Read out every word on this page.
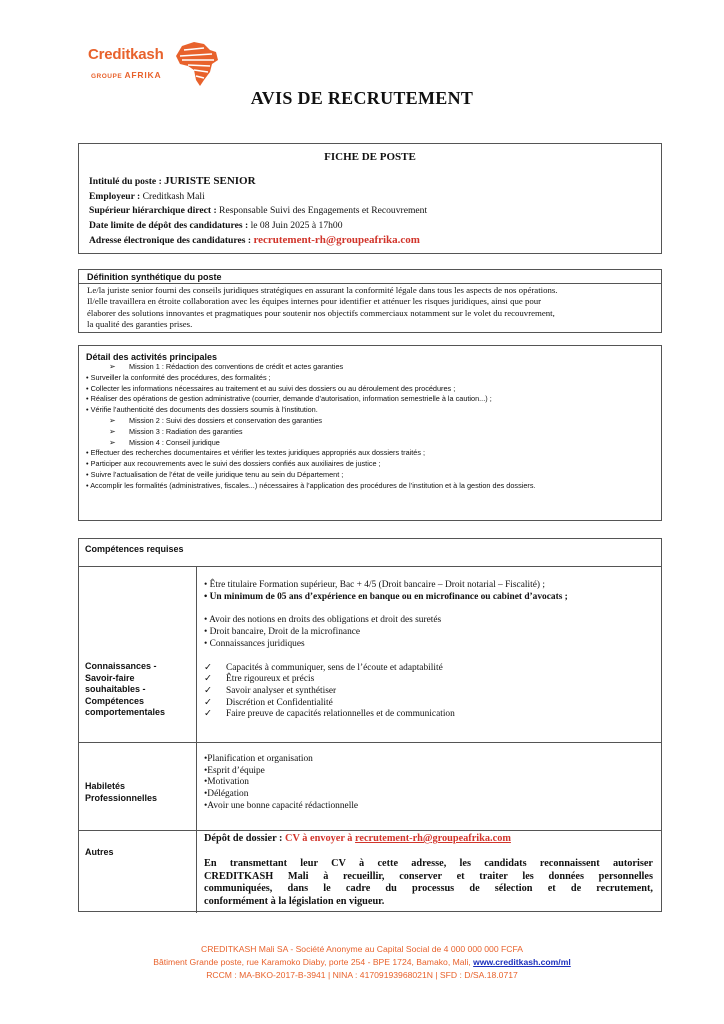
Creditkash
GROUPE AFRIKA
AVIS DE RECRUTEMENT
FICHE DE POSTE
Intitulé du poste : JURISTE SENIOR
Employeur : Creditkash Mali
Supérieur hiérarchique direct : Responsable Suivi des Engagements et Recouvrement
Date limite de dépôt des candidatures : le 08 Juin 2025 à 17h00
Adresse électronique des candidatures : recrutement-rh@groupeafrika.com
Définition synthétique du poste
Le/la juriste senior fourni des conseils juridiques stratégiques en assurant la conformité légale dans tous les aspects de nos opérations.
Il/elle travaillera en étroite collaboration avec les équipes internes pour identifier et atténuer les risques juridiques, ainsi que pour
élaborer des solutions innovantes et pragmatiques pour soutenir nos objectifs commerciaux notamment sur le volet du recouvrement,
la qualité des garanties prises.
Détail des activités principales
➢ Mission 1 : Rédaction des conventions de crédit et actes garanties
• Surveiller la conformité des procédures, des formalités ;
• Collecter les informations nécessaires au traitement et au suivi des dossiers ou au déroulement des procédures ;
• Réaliser des opérations de gestion administrative (courrier, demande d’autorisation, information semestrielle à la caution...) ;
• Vérifie l’authenticité des documents des dossiers soumis à l’institution.
➢ Mission 2 : Suivi des dossiers et conservation des garanties
➢ Mission 3 : Radiation des garanties
➢ Mission 4 : Conseil juridique
• Effectuer des recherches documentaires et vérifier les textes juridiques appropriés aux dossiers traités ;
• Participer aux recouvrements avec le suivi des dossiers confiés aux auxiliaires de justice ;
• Suivre l’actualisation de l’état de veille juridique tenu au sein du Département ;
• Accomplir les formalités (administratives, fiscales...) nécessaires à l’application des procédures de l’institution et à la gestion des dossiers.
Compétences requises
Connaissances -
Savoir-faire
souhaitables -
Compétences
comportementales
• Être titulaire Formation supérieur, Bac + 4/5 (Droit bancaire – Droit notarial – Fiscalité) ;
• Un minimum de 05 ans d’expérience en banque ou en microfinance ou cabinet d’avocats ;
• Avoir des notions en droits des obligations et droit des suretés
• Droit bancaire, Droit de la microfinance
• Connaissances juridiques
✓ Capacités à communiquer, sens de l’écoute et adaptabilité
✓ Être rigoureux et précis
✓ Savoir analyser et synthétiser
✓ Discrétion et Confidentialité
✓ Faire preuve de capacités relationnelles et de communication
Habiletés
Professionnelles
•Planification et organisation
•Esprit d’équipe
•Motivation
•Délégation
•Avoir une bonne capacité rédactionnelle
Autres
Dépôt de dossier : CV à envoyer à recrutement-rh@groupeafrika.com
En transmettant leur CV à cette adresse, les candidats reconnaissent autoriser
CREDITKASH Mali à recueillir, conserver et traiter les données personnelles
communiquées, dans le cadre du processus de sélection et de recrutement,
conformément à la législation en vigueur.
CREDITKASH Mali SA - Société Anonyme au Capital Social de 4 000 000 000 FCFA
Bâtiment Grande poste, rue Karamoko Diaby, porte 254 - BPE 1724, Bamako, Mali, www.creditkash.com/ml
RCCM : MA-BKO-2017-B-3941 | NINA : 41709193968021N | SFD : D/SA.18.0717
